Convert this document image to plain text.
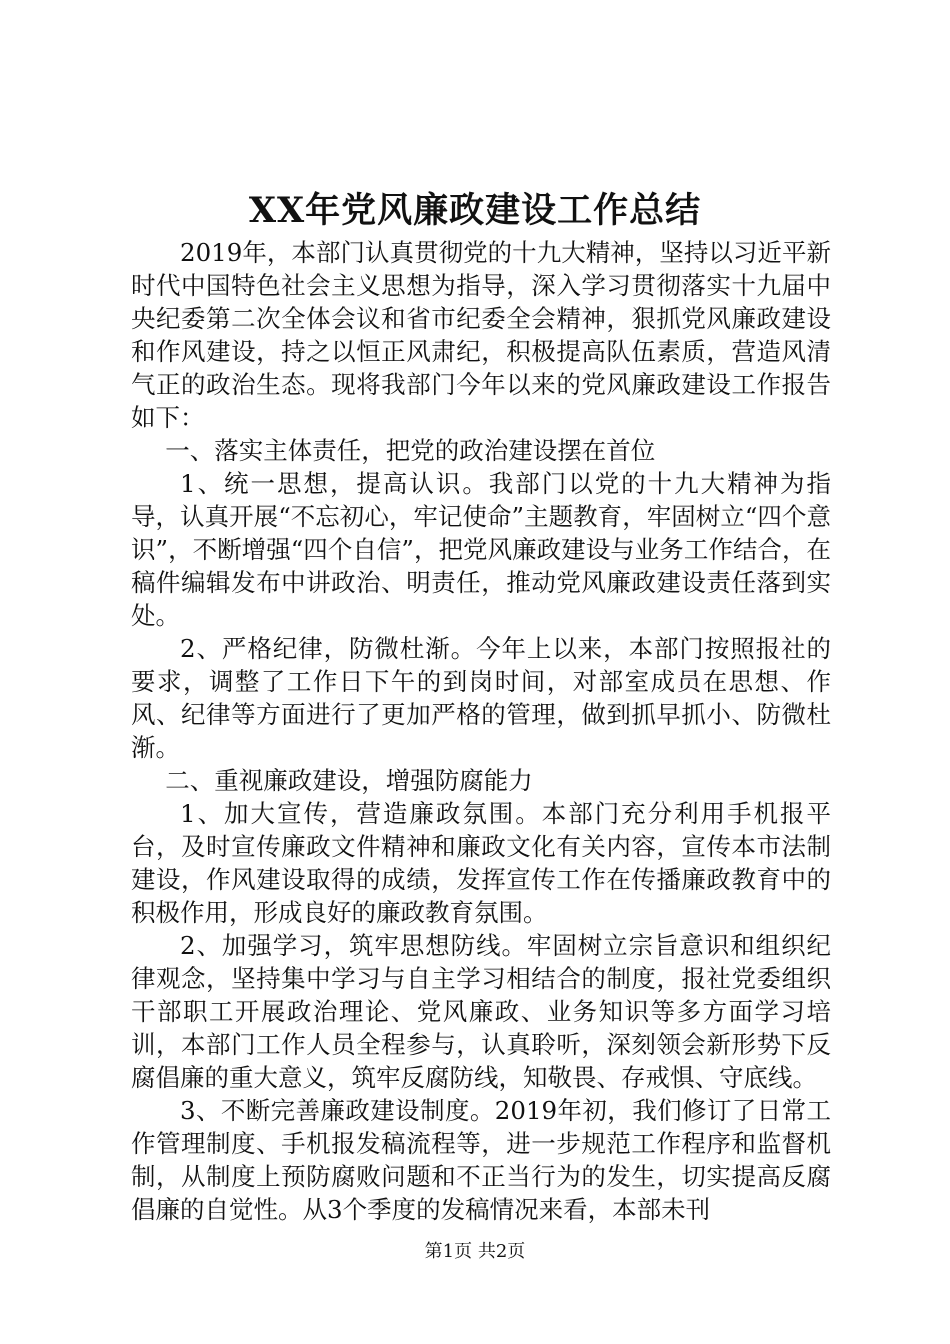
XX年党风廉政建设工作总结

2019年，本部门认真贯彻党的十九大精神，坚持以习近平新时代中国特色社会主义思想为指导，深入学习贯彻落实十九届中央纪委第二次全体会议和省市纪委全会精神，狠抓党风廉政建设和作风建设，持之以恒正风肃纪，积极提高队伍素质，营造风清气正的政治生态。现将我部门今年以来的党风廉政建设工作报告如下：

一、落实主体责任，把党的政治建设摆在首位

1、统一思想，提高认识。我部门以党的十九大精神为指导，认真开展“不忘初心，牢记使命”主题教育，牢固树立“四个意识”，不断增强“四个自信”，把党风廉政建设与业务工作结合，在稿件编辑发布中讲政治、明责任，推动党风廉政建设责任落到实处。

2、严格纪律，防微杜渐。今年上以来，本部门按照报社的要求，调整了工作日下午的到岗时间，对部室成员在思想、作风、纪律等方面进行了更加严格的管理，做到抓早抓小、防微杜渐。

二、重视廉政建设，增强防腐能力

1、加大宣传，营造廉政氛围。本部门充分利用手机报平台，及时宣传廉政文件精神和廉政文化有关内容，宣传本市法制建设，作风建设取得的成绩，发挥宣传工作在传播廉政教育中的积极作用，形成良好的廉政教育氛围。

2、加强学习，筑牢思想防线。牢固树立宗旨意识和组织纪律观念，坚持集中学习与自主学习相结合的制度，报社党委组织干部职工开展政治理论、党风廉政、业务知识等多方面学习培训，本部门工作人员全程参与，认真聆听，深刻领会新形势下反腐倡廉的重大意义，筑牢反腐防线，知敬畏、存戒惧、守底线。

3、不断完善廉政建设制度。2019年初，我们修订了日常工作管理制度、手机报发稿流程等，进一步规范工作程序和监督机制，从制度上预防腐败问题和不正当行为的发生，切实提高反腐倡廉的自觉性。从3个季度的发稿情况来看，本部未刊

第1页 共2页
